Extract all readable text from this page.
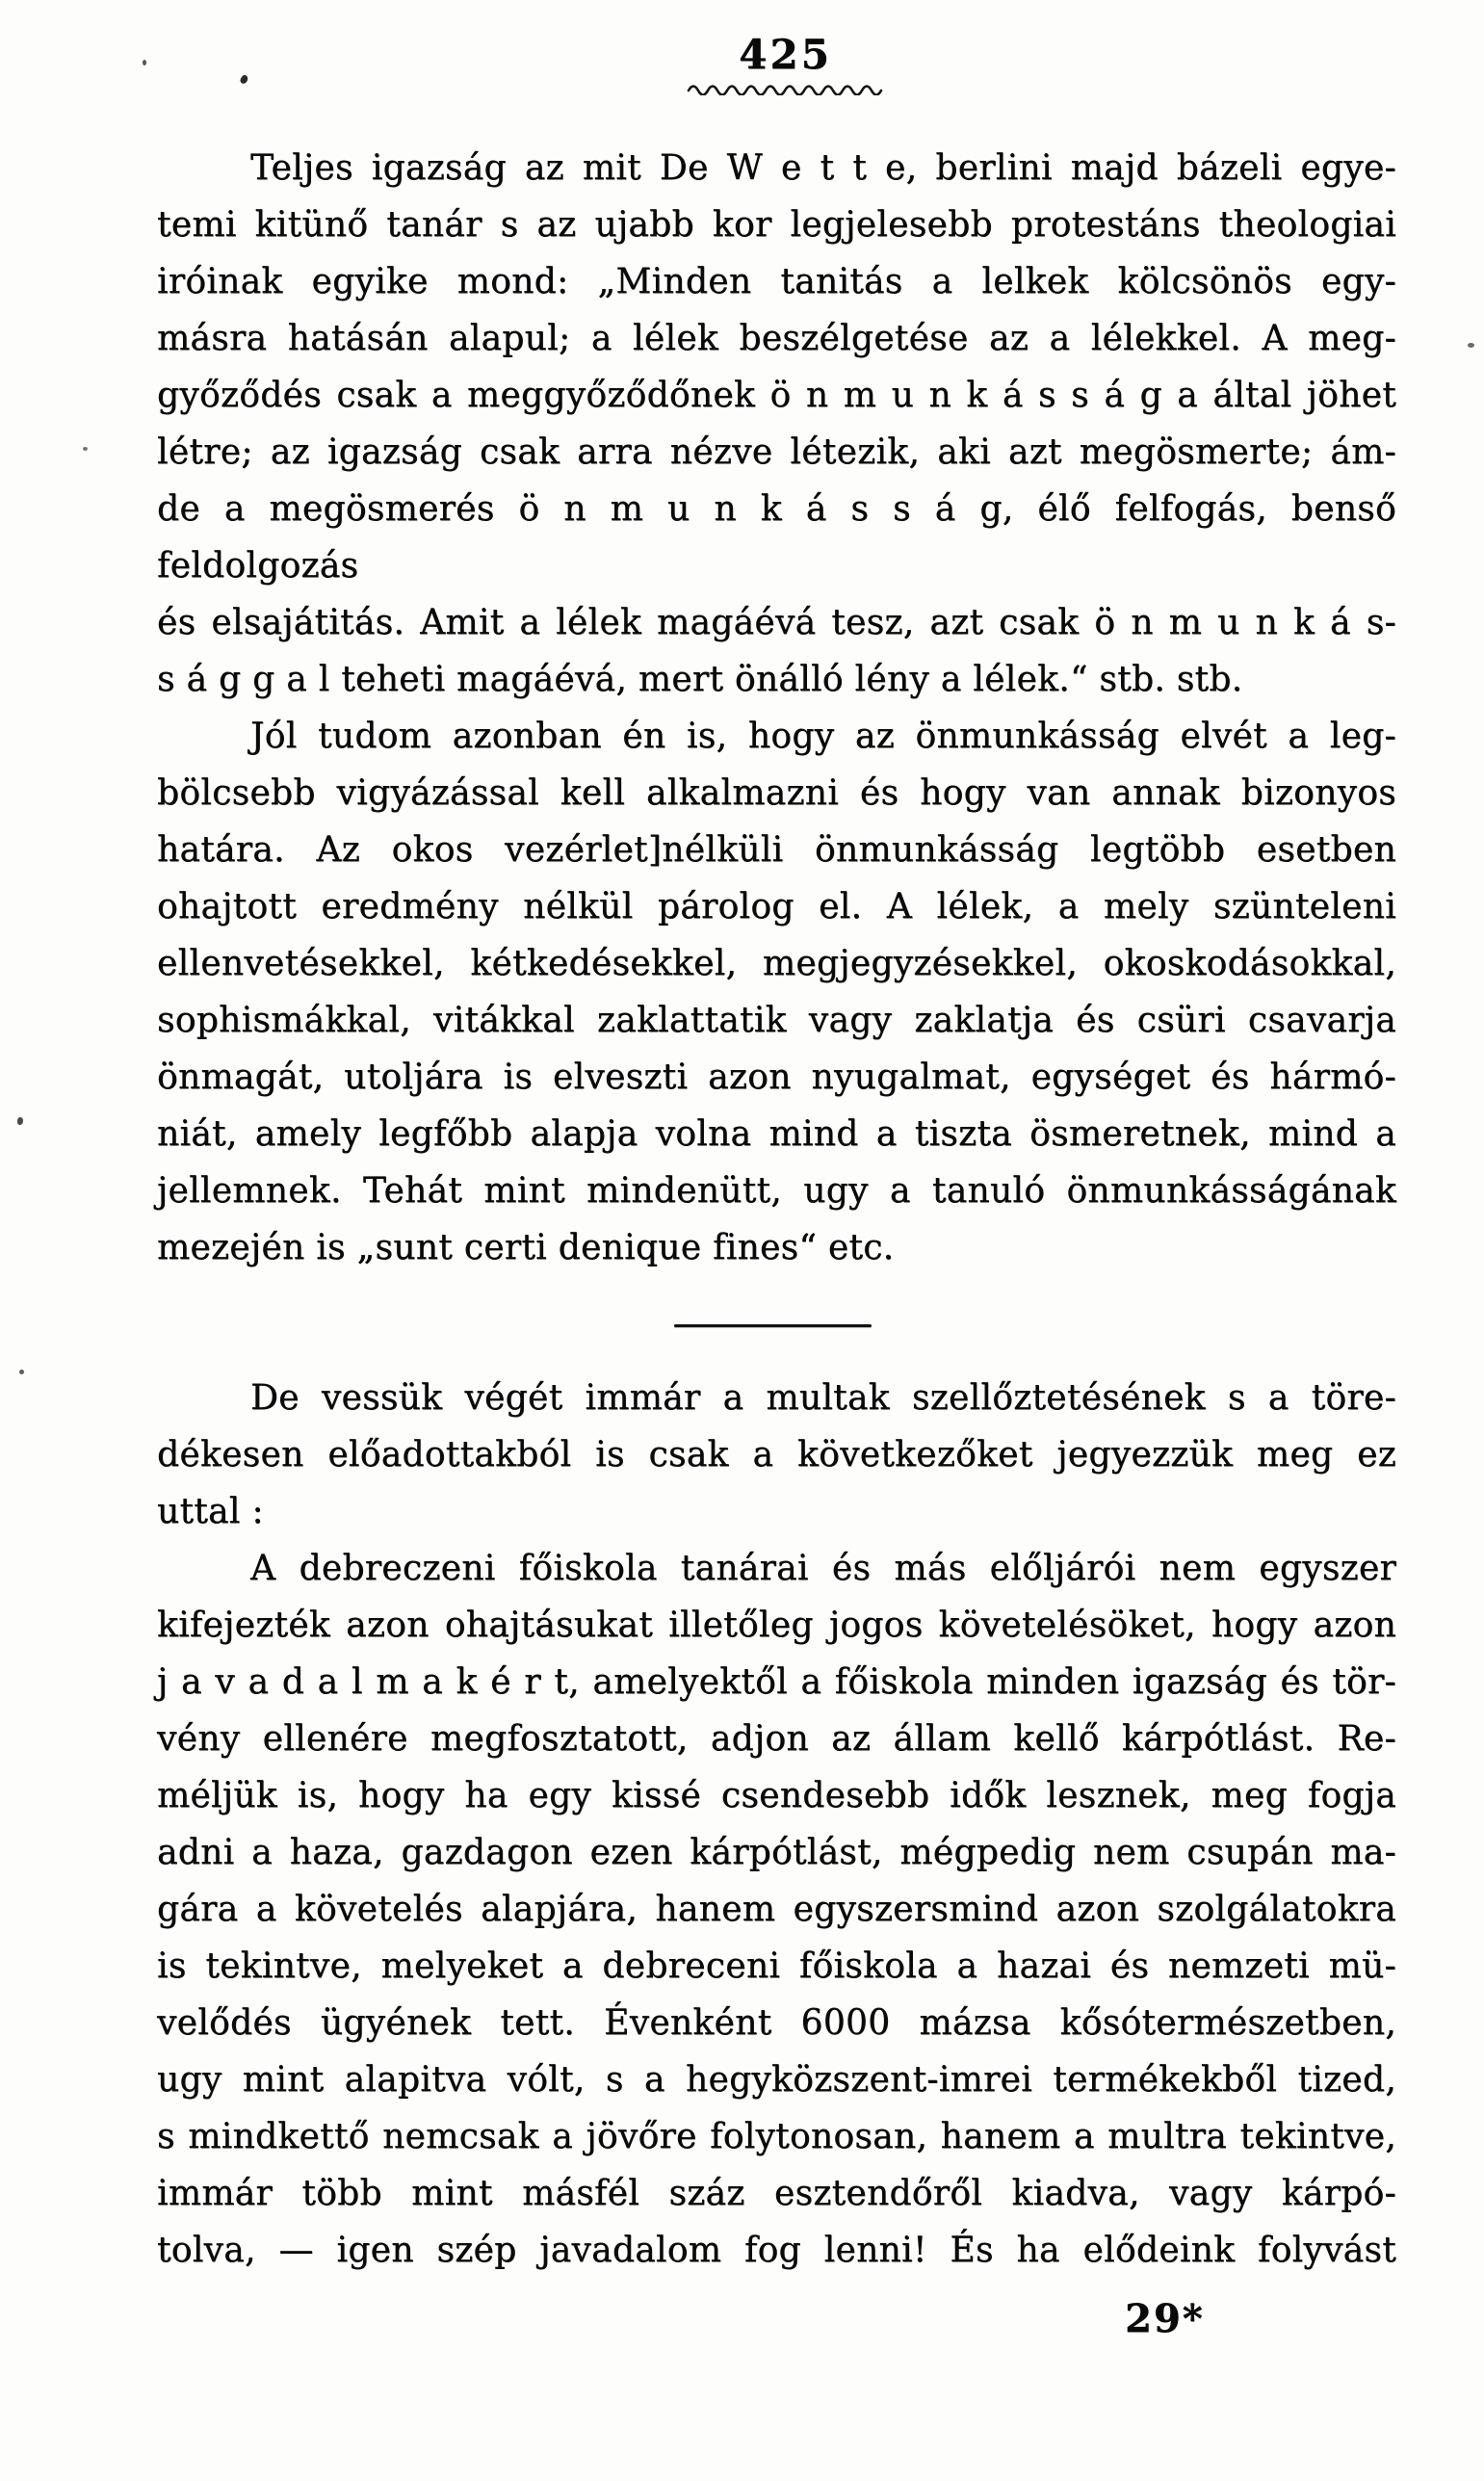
425
Teljes igazság az mit De W e t t e, berlini majd bázeli egye-
temi kitünő tanár s az ujabb kor legjelesebb protestáns theologiai
iróinak egyike mond: „Minden tanitás a lelkek kölcsönös egy-
másra hatásán alapul; a lélek beszélgetése az a lélekkel. A meg-
győződés csak a meggyőződőnek ö n m u n k á s s á g a által jöhet
létre; az igazság csak arra nézve létezik, aki azt megösmerte; ám-
de a megösmerés ö n m u n k á s s á g, élő felfogás, benső feldolgozás
és elsajátitás. Amit a lélek magáévá tesz, azt csak ö n m u n k á s-
s á g g a l teheti magáévá, mert önálló lény a lélek.“ stb. stb.
Jól tudom azonban én is, hogy az önmunkásság elvét a leg-
bölcsebb vigyázással kell alkalmazni és hogy van annak bizonyos
határa. Az okos vezérlet]nélküli önmunkásság legtöbb esetben
ohajtott eredmény nélkül párolog el. A lélek, a mely szünteleni
ellenvetésekkel, kétkedésekkel, megjegyzésekkel, okoskodásokkal,
sophismákkal, vitákkal zaklattatik vagy zaklatja és csüri csavarja
önmagát, utoljára is elveszti azon nyugalmat, egységet és hármó-
niát, amely legfőbb alapja volna mind a tiszta ösmeretnek, mind a
jellemnek. Tehát mint mindenütt, ugy a tanuló önmunkásságának
mezején is „sunt certi denique fines“ etc.
De vessük végét immár a multak szellőztetésének s a töre-
dékesen előadottakból is csak a következőket jegyezzük meg ez
uttal :
A debreczeni főiskola tanárai és más előljárói nem egyszer
kifejezték azon ohajtásukat illetőleg jogos követelésöket, hogy azon
j a v a d a l m a k é r t, amelyektől a főiskola minden igazság és tör-
vény ellenére megfosztatott, adjon az állam kellő kárpótlást. Re-
méljük is, hogy ha egy kissé csendesebb idők lesznek, meg fogja
adni a haza, gazdagon ezen kárpótlást, mégpedig nem csupán ma-
gára a követelés alapjára, hanem egyszersmind azon szolgálatokra
is tekintve, melyeket a debreceni főiskola a hazai és nemzeti mü-
velődés ügyének tett. Évenként 6000 mázsa kősótermészetben,
ugy mint alapitva vólt, s a hegyközszent-imrei termékekből tized,
s mindkettő nemcsak a jövőre folytonosan, hanem a multra tekintve,
immár több mint másfél száz esztendőről kiadva, vagy kárpó-
tolva, — igen szép javadalom fog lenni! És ha elődeink folyvást
29*
